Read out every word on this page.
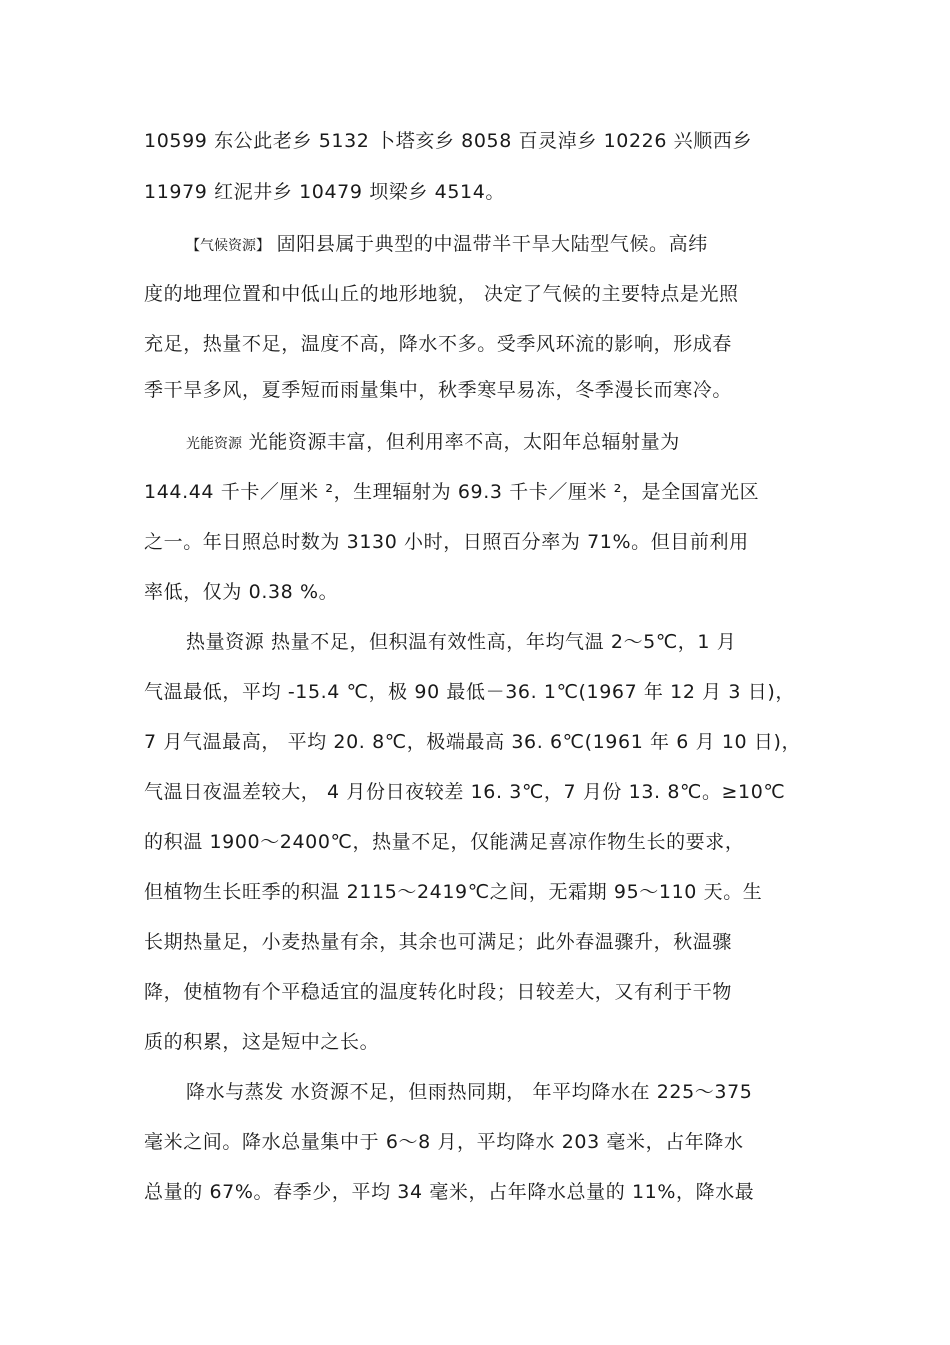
10599 东公此老乡 5132 卜塔亥乡 8058 百灵淖乡 10226 兴顺西乡
11979 红泥井乡 10479 坝梁乡 4514。
【气候资源】 固阳县属于典型的中温带半干旱大陆型气候。高纬
度的地理位置和中低山丘的地形地貌， 决定了气候的主要特点是光照
充足，热量不足，温度不高，降水不多。受季风环流的影响，形成春
季干旱多风，夏季短而雨量集中，秋季寒早易冻，冬季漫长而寒冷。
光能资源 光能资源丰富，但利用率不高，太阳年总辐射量为
144.44 千卡／厘米 ²，生理辐射为 69.3 千卡／厘米 ²，是全国富光区
之一。年日照总时数为 3130 小时，日照百分率为 71%。但目前利用
率低，仅为 0.38 %。
热量资源 热量不足，但积温有效性高，年均气温 2～5℃，1 月
气温最低，平均 -15.4 ℃，极 90 最低－36. 1℃(1967 年 12 月 3 日)，
7 月气温最高， 平均 20. 8℃，极端最高 36. 6℃(1961 年 6 月 10 日)，
气温日夜温差较大， 4 月份日夜较差 16. 3℃，7 月份 13. 8℃。≥10℃
的积温 1900～2400℃，热量不足，仅能满足喜凉作物生长的要求，
但植物生长旺季的积温 2115～2419℃之间，无霜期 95～110 天。生
长期热量足，小麦热量有余，其余也可满足；此外春温骤升，秋温骤
降，使植物有个平稳适宜的温度转化时段；日较差大，又有利于干物
质的积累，这是短中之长。
降水与蒸发 水资源不足，但雨热同期， 年平均降水在 225～375
毫米之间。降水总量集中于 6～8 月，平均降水 203 毫米，占年降水
总量的 67%。春季少，平均 34 毫米，占年降水总量的 11%，降水最
